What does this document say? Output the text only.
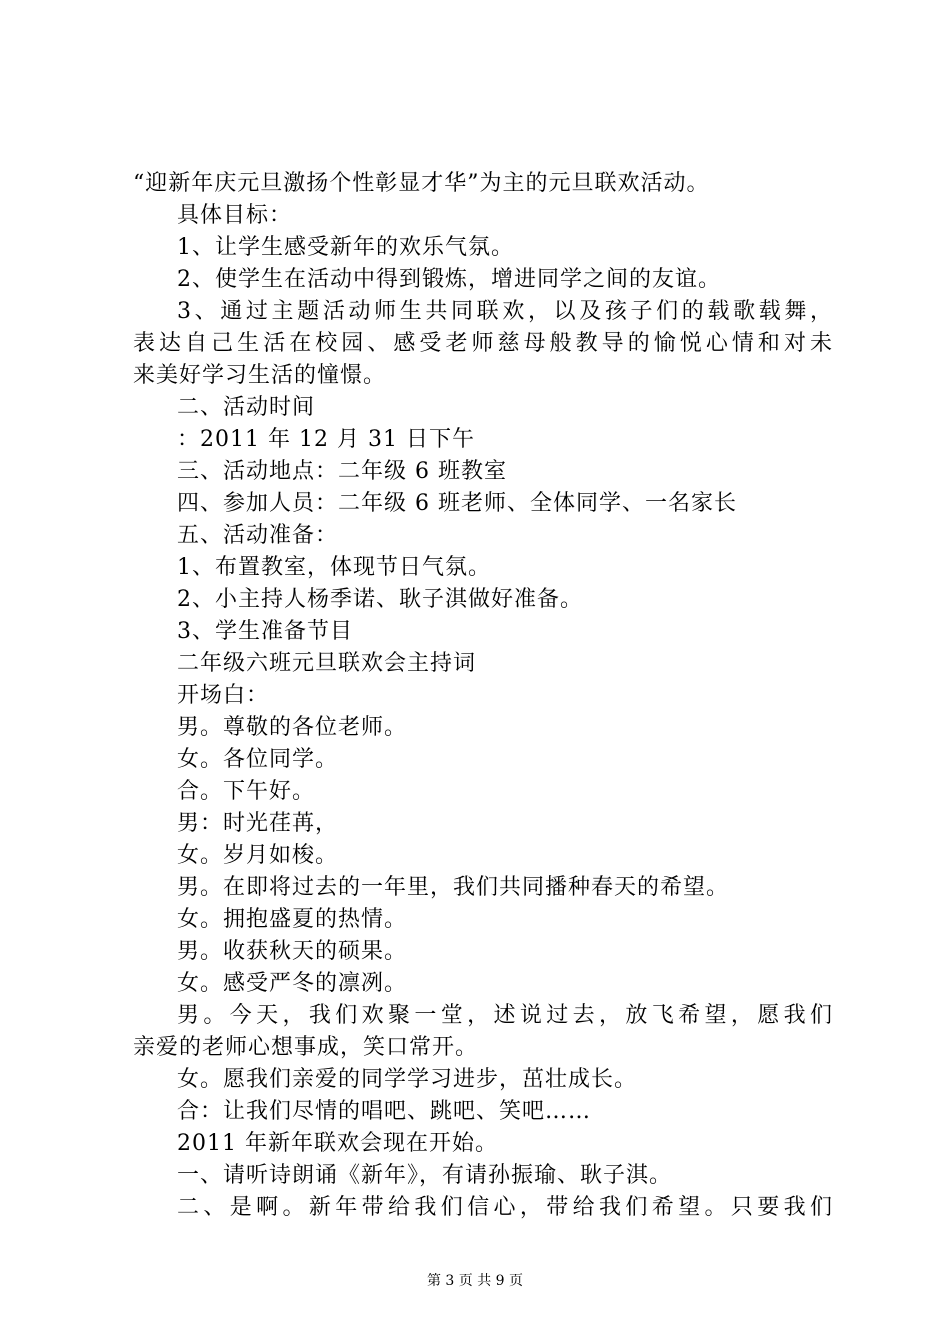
“迎新年庆元旦激扬个性彰显才华”为主的元旦联欢活动。
具体目标：
1、让学生感受新年的欢乐气氛。
2、使学生在活动中得到锻炼，增进同学之间的友谊。
3、通过主题活动师生共同联欢，以及孩子们的载歌载舞，
表达自己生活在校园、感受老师慈母般教导的愉悦心情和对未
来美好学习生活的憧憬。
二、活动时间
：2011 年 12 月 31 日下午
三、活动地点：二年级 6 班教室
四、参加人员：二年级 6 班老师、全体同学、一名家长
五、活动准备：
1、布置教室，体现节日气氛。
2、小主持人杨季诺、耿子淇做好准备。
3、学生准备节目
二年级六班元旦联欢会主持词
开场白：
男。尊敬的各位老师。
女。各位同学。
合。下午好。
男：时光荏苒，
女。岁月如梭。
男。在即将过去的一年里，我们共同播种春天的希望。
女。拥抱盛夏的热情。
男。收获秋天的硕果。
女。感受严冬的凛冽。
男。今天，我们欢聚一堂，述说过去，放飞希望，愿我们
亲爱的老师心想事成，笑口常开。
女。愿我们亲爱的同学学习进步，茁壮成长。
合：让我们尽情的唱吧、跳吧、笑吧……
2011 年新年联欢会现在开始。
一、请听诗朗诵《新年》，有请孙振瑜、耿子淇。
二、是啊。新年带给我们信心，带给我们希望。只要我们
第 3 页 共 9 页
